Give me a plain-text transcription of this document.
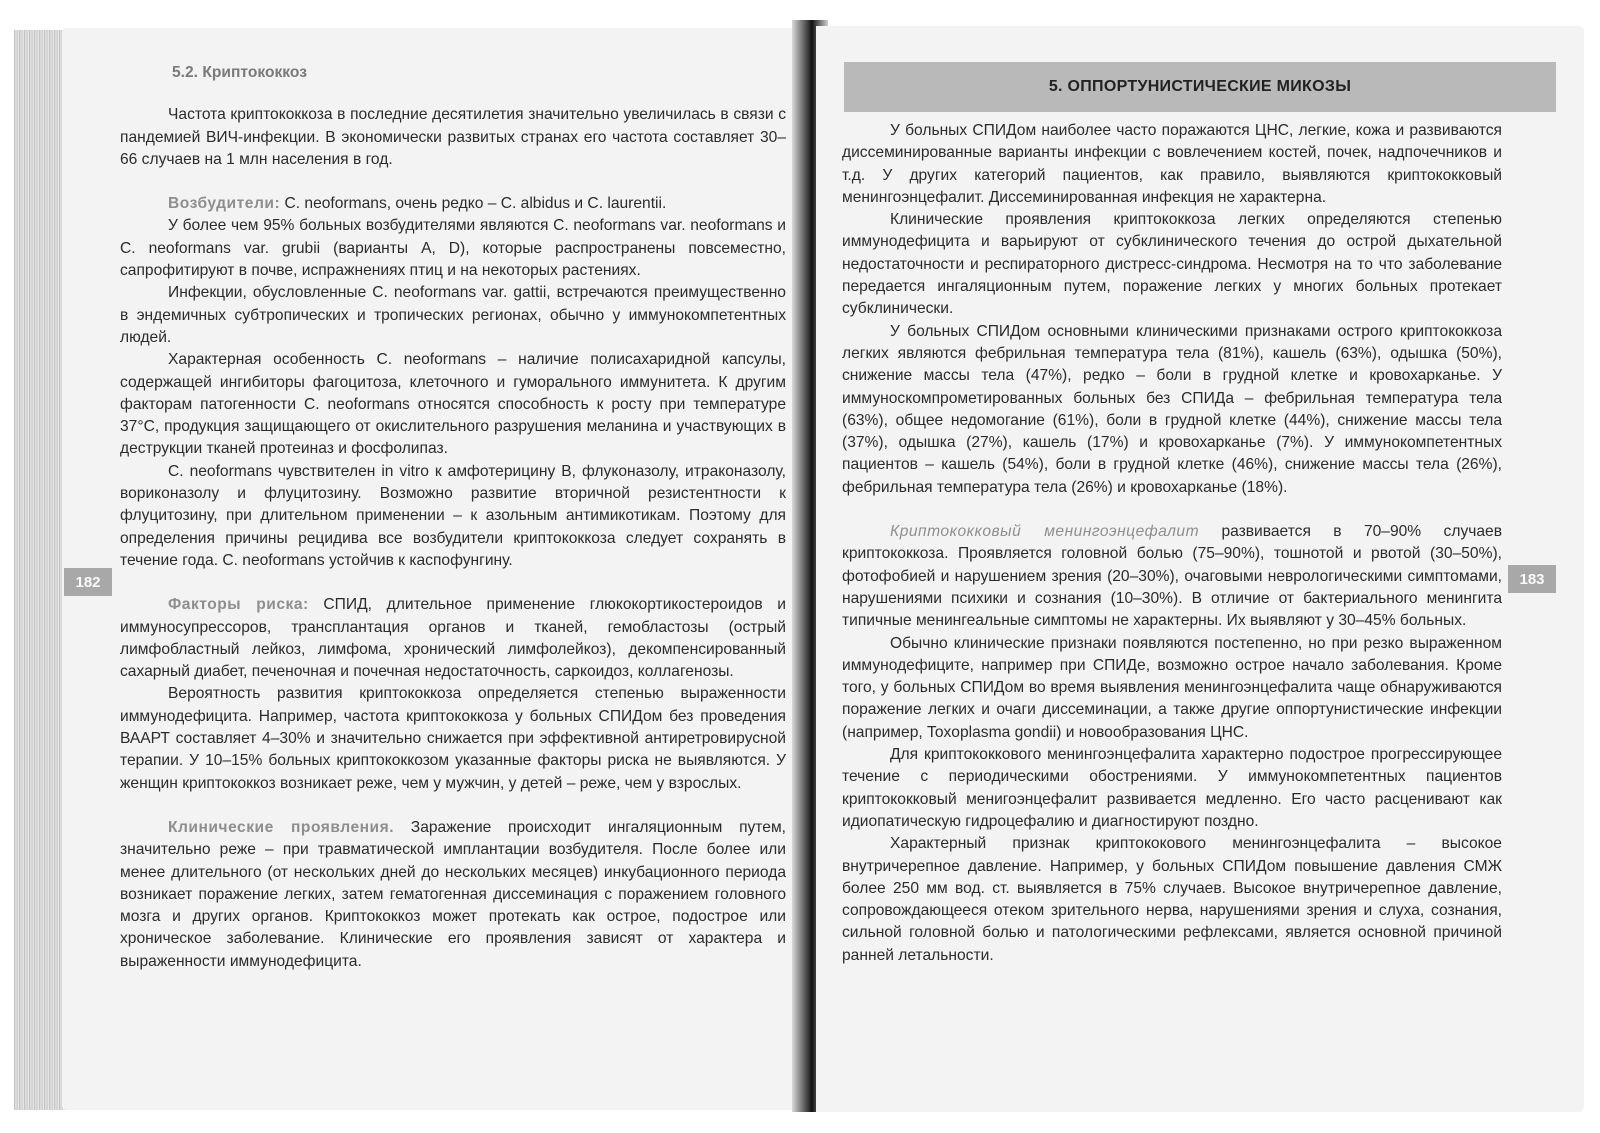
5.2. Криптококкоз

Частота криптококкоза в последние десятилетия значительно увеличилась в связи с пандемией ВИЧ-инфекции. В экономически развитых странах его частота составляет 30–66 случаев на 1 млн населения в год.

Возбудители: C. neoformans, очень редко – C. albidus и C. laurentii.

У более чем 95% больных возбудителями являются C. neoformans var. neoformans и C. neoformans var. grubii (варианты A, D), которые распространены повсеместно, сапрофитируют в почве, испражнениях птиц и на некоторых растениях.

Инфекции, обусловленные C. neoformans var. gattii, встречаются преимущественно в эндемичных субтропических и тропических регионах, обычно у иммунокомпетентных людей.

Характерная особенность C. neoformans – наличие полисахаридной капсулы, содержащей ингибиторы фагоцитоза, клеточного и гуморального иммунитета. К другим факторам патогенности C. neoformans относятся способность к росту при температуре 37°C, продукция защищающего от окислительного разрушения меланина и участвующих в деструкции тканей протеиназ и фосфолипаз.

C. neoformans чувствителен in vitro к амфотерицину B, флуконазолу, итраконазолу, вориконазолу и флуцитозину. Возможно развитие вторичной резистентности к флуцитозину, при длительном применении – к азольным антимикотикам. Поэтому для определения причины рецидива все возбудители криптококкоза следует сохранять в течение года. C. neoformans устойчив к каспофунгину.

Факторы риска: СПИД, длительное применение глюкокортикостероидов и иммуносупрессоров, трансплантация органов и тканей, гемобластозы (острый лимфобластный лейкоз, лимфома, хронический лимфолейкоз), декомпенсированный сахарный диабет, печеночная и почечная недостаточность, саркоидоз, коллагенозы.

Вероятность развития криптококкоза определяется степенью выраженности иммунодефицита. Например, частота криптококкоза у больных СПИДом без проведения ВААРТ составляет 4–30% и значительно снижается при эффективной антиретровирусной терапии. У 10–15% больных криптококкозом указанные факторы риска не выявляются. У женщин криптококкоз возникает реже, чем у мужчин, у детей – реже, чем у взрослых.

Клинические проявления. Заражение происходит ингаляционным путем, значительно реже – при травматической имплантации возбудителя. После более или менее длительного (от нескольких дней до нескольких месяцев) инкубационного периода возникает поражение легких, затем гематогенная диссеминация с поражением головного мозга и других органов. Криптококкоз может протекать как острое, подострое или хроническое заболевание. Клинические его проявления зависят от характера и выраженности иммунодефицита.

182
5. ОППОРТУНИСТИЧЕСКИЕ МИКОЗЫ

У больных СПИДом наиболее часто поражаются ЦНС, легкие, кожа и развиваются диссеминированные варианты инфекции с вовлечением костей, почек, надпочечников и т.д. У других категорий пациентов, как правило, выявляются криптококковый менингоэнцефалит. Диссеминированная инфекция не характерна.

Клинические проявления криптококкоза легких определяются степенью иммунодефицита и варьируют от субклинического течения до острой дыхательной недостаточности и респираторного дистресс-синдрома. Несмотря на то что заболевание передается ингаляционным путем, поражение легких у многих больных протекает субклинически.

У больных СПИДом основными клиническими признаками острого криптококкоза легких являются фебрильная температура тела (81%), кашель (63%), одышка (50%), снижение массы тела (47%), редко – боли в грудной клетке и кровохарканье. У иммуноскомпрометированных больных без СПИДа – фебрильная температура тела (63%), общее недомогание (61%), боли в грудной клетке (44%), снижение массы тела (37%), одышка (27%), кашель (17%) и кровохарканье (7%). У иммунокомпетентных пациентов – кашель (54%), боли в грудной клетке (46%), снижение массы тела (26%), фебрильная температура тела (26%) и кровохарканье (18%).

Криптококковый менингоэнцефалит развивается в 70–90% случаев криптококкоза. Проявляется головной болью (75–90%), тошнотой и рвотой (30–50%), фотофобией и нарушением зрения (20–30%), очаговыми неврологическими симптомами, нарушениями психики и сознания (10–30%). В отличие от бактериального менингита типичные менингеальные симптомы не характерны. Их выявляют у 30–45% больных.

Обычно клинические признаки появляются постепенно, но при резко выраженном иммунодефиците, например при СПИДе, возможно острое начало заболевания. Кроме того, у больных СПИДом во время выявления менингоэнцефалита чаще обнаруживаются поражение легких и очаги диссеминации, а также другие оппортунистические инфекции (например, Toxoplasma gondii) и новообразования ЦНС.

Для криптококкового менингоэнцефалита характерно подострое прогрессирующее течение с периодическими обострениями. У иммунокомпетентных пациентов криптококковый менигоэнцефалит развивается медленно. Его часто расценивают как идиопатическую гидроцефалию и диагностируют поздно.

Характерный признак криптококового менингоэнцефалита – высокое внутричерепное давление. Например, у больных СПИДом повышение давления СМЖ более 250 мм вод. ст. выявляется в 75% случаев. Высокое внутричерепное давление, сопровождающееся отеком зрительного нерва, нарушениями зрения и слуха, сознания, сильной головной болью и патологическими рефлексами, является основной причиной ранней летальности.

183
